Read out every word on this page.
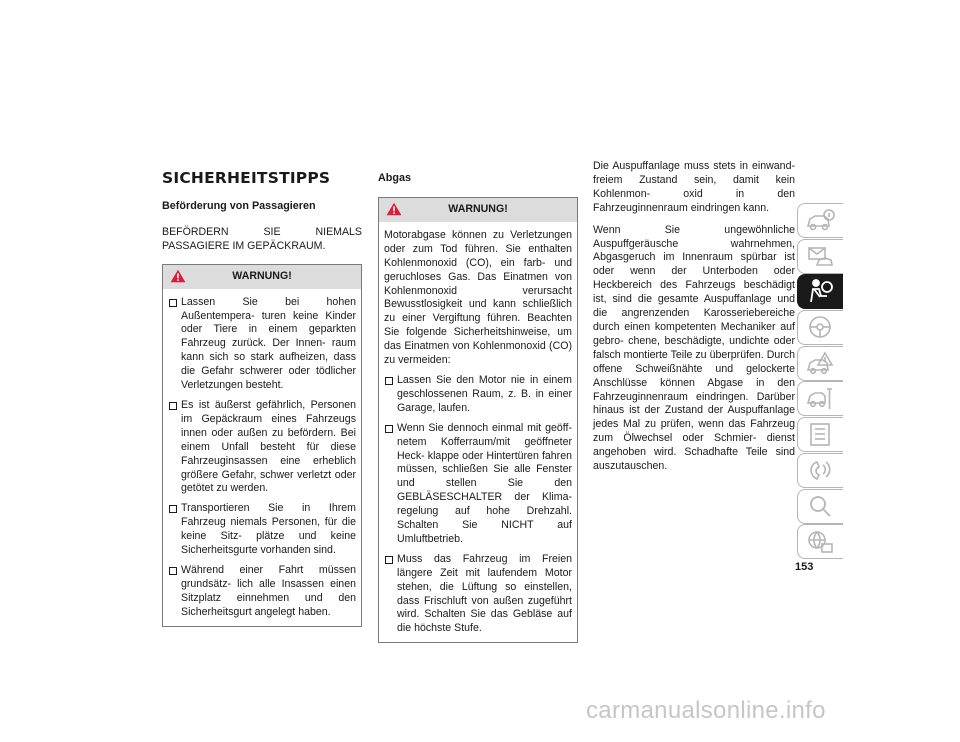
SICHERHEITSTIPPS
Beförderung von Passagieren
BEFÖRDERN SIE NIEMALS PASSAGIERE IM GEPÄCKRAUM.
WARNUNG!
Lassen Sie bei hohen Außentempera- turen keine Kinder oder Tiere in einem geparkten Fahrzeug zurück. Der Innen- raum kann sich so stark aufheizen, dass die Gefahr schwerer oder tödlicher Verletzungen besteht.
Es ist äußerst gefährlich, Personen im Gepäckraum eines Fahrzeugs innen oder außen zu befördern. Bei einem Unfall besteht für diese Fahrzeuginsassen eine erheblich größere Gefahr, schwer verletzt oder getötet zu werden.
Transportieren Sie in Ihrem Fahrzeug niemals Personen, für die keine Sitz- plätze und keine Sicherheitsgurte vorhanden sind.
Während einer Fahrt müssen grundsätz- lich alle Insassen einen Sitzplatz einnehmen und den Sicherheitsgurt angelegt haben.
Abgas
WARNUNG!
Motorabgase können zu Verletzungen oder zum Tod führen. Sie enthalten Kohlenmonoxid (CO), ein farb- und geruchloses Gas. Das Einatmen von Kohlenmonoxid verursacht Bewusstlosigkeit und kann schließlich zu einer Vergiftung führen. Beachten Sie folgende Sicherheitshinweise, um das Einatmen von Kohlenmonoxid (CO) zu vermeiden:
Lassen Sie den Motor nie in einem geschlossenen Raum, z. B. in einer Garage, laufen.
Wenn Sie dennoch einmal mit geöff- netem Kofferraum/mit geöffneter Heck- klappe oder Hintertüren fahren müssen, schließen Sie alle Fenster und stellen Sie den GEBLÄSESCHALTER der Klima- regelung auf hohe Drehzahl. Schalten Sie NICHT auf Umluftbetrieb.
Muss das Fahrzeug im Freien längere Zeit mit laufendem Motor stehen, die Lüftung so einstellen, dass Frischluft von außen zugeführt wird. Schalten Sie das Gebläse auf die höchste Stufe.
Die Auspuffanlage muss stets in einwand- freiem Zustand sein, damit kein Kohlenmon- oxid in den Fahrzeuginnenraum eindringen kann.
Wenn Sie ungewöhnliche Auspuffgeräusche wahrnehmen, Abgasgeruch im Innenraum spürbar ist oder wenn der Unterboden oder Heckbereich des Fahrzeugs beschädigt ist, sind die gesamte Auspuffanlage und die angrenzenden Karosseriebereiche durch einen kompetenten Mechaniker auf gebro- chene, beschädigte, undichte oder falsch montierte Teile zu überprüfen. Durch offene Schweißnähte und gelockerte Anschlüsse können Abgase in den Fahrzeuginnenraum eindringen. Darüber hinaus ist der Zustand der Auspuffanlage jedes Mal zu prüfen, wenn das Fahrzeug zum Ölwechsel oder Schmier- dienst angehoben wird. Schadhafte Teile sind auszutauschen.
153
carmanualsonline.info
